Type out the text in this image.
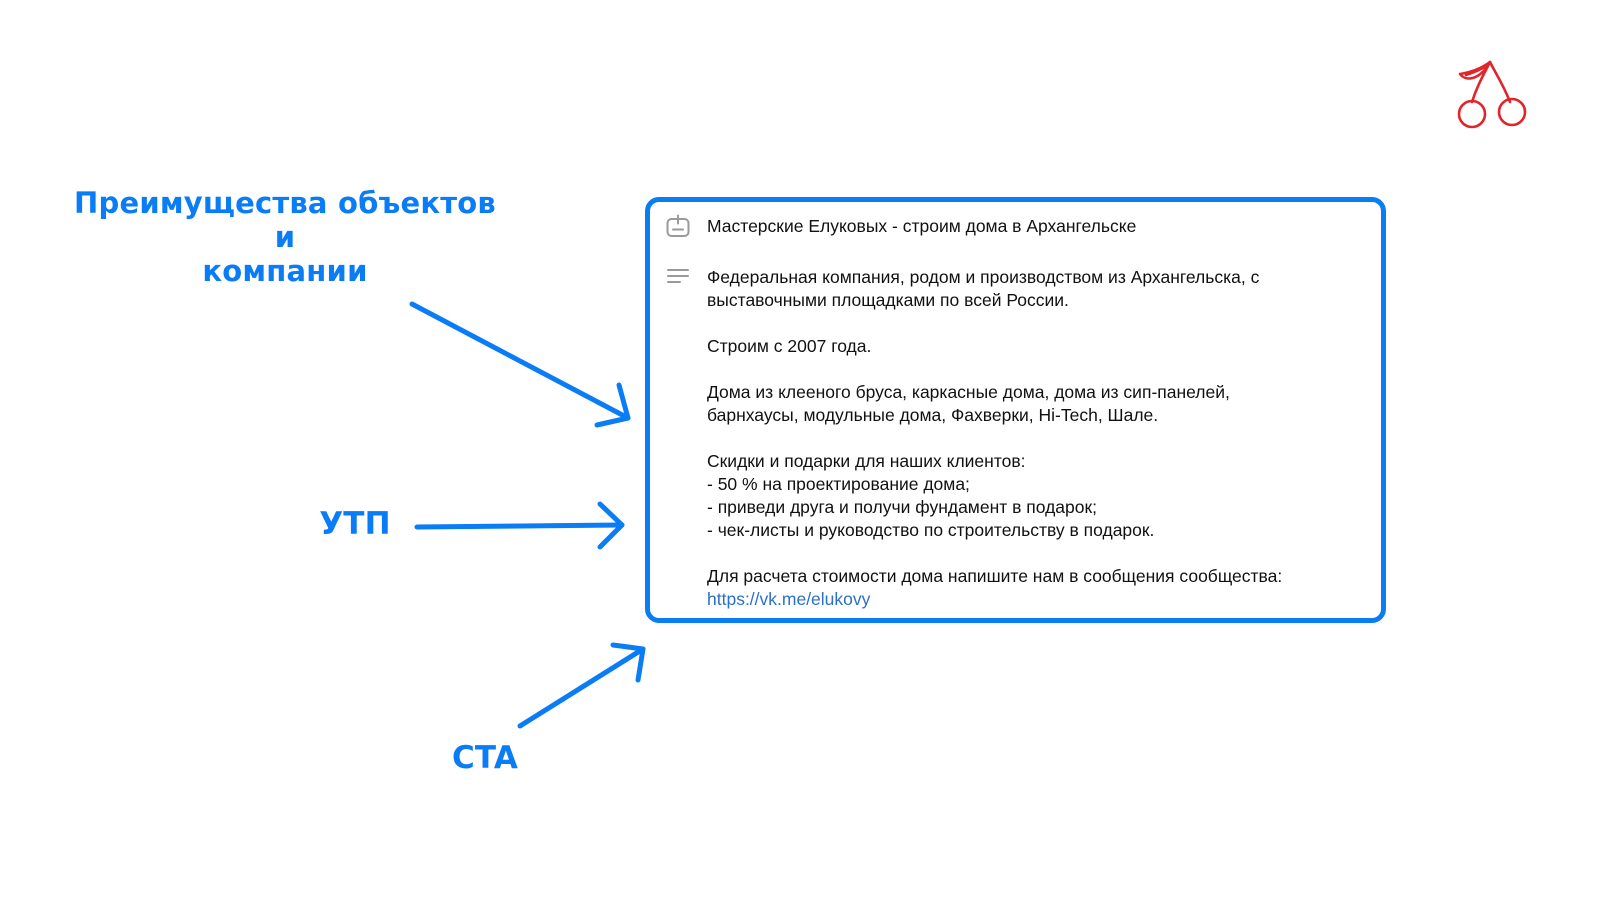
Преимущества объектов и
компании
УТП
CTA
Мастерские Елуковых - строим дома в Архангельске
Федеральная компания, родом и производством из Архангельска, с
выставочными площадками по всей России.
Строим с 2007 года.
Дома из клееного бруса, каркасные дома, дома из сип-панелей,
барнхаусы, модульные дома, Фахверки, Hi-Tech, Шале.
Скидки и подарки для наших клиентов:
- 50 % на проектирование дома;
- приведи друга и получи фундамент в подарок;
- чек-листы и руководство по строительству в подарок.
Для расчета стоимости дома напишите нам в сообщения сообщества:
https://vk.me/elukovy
